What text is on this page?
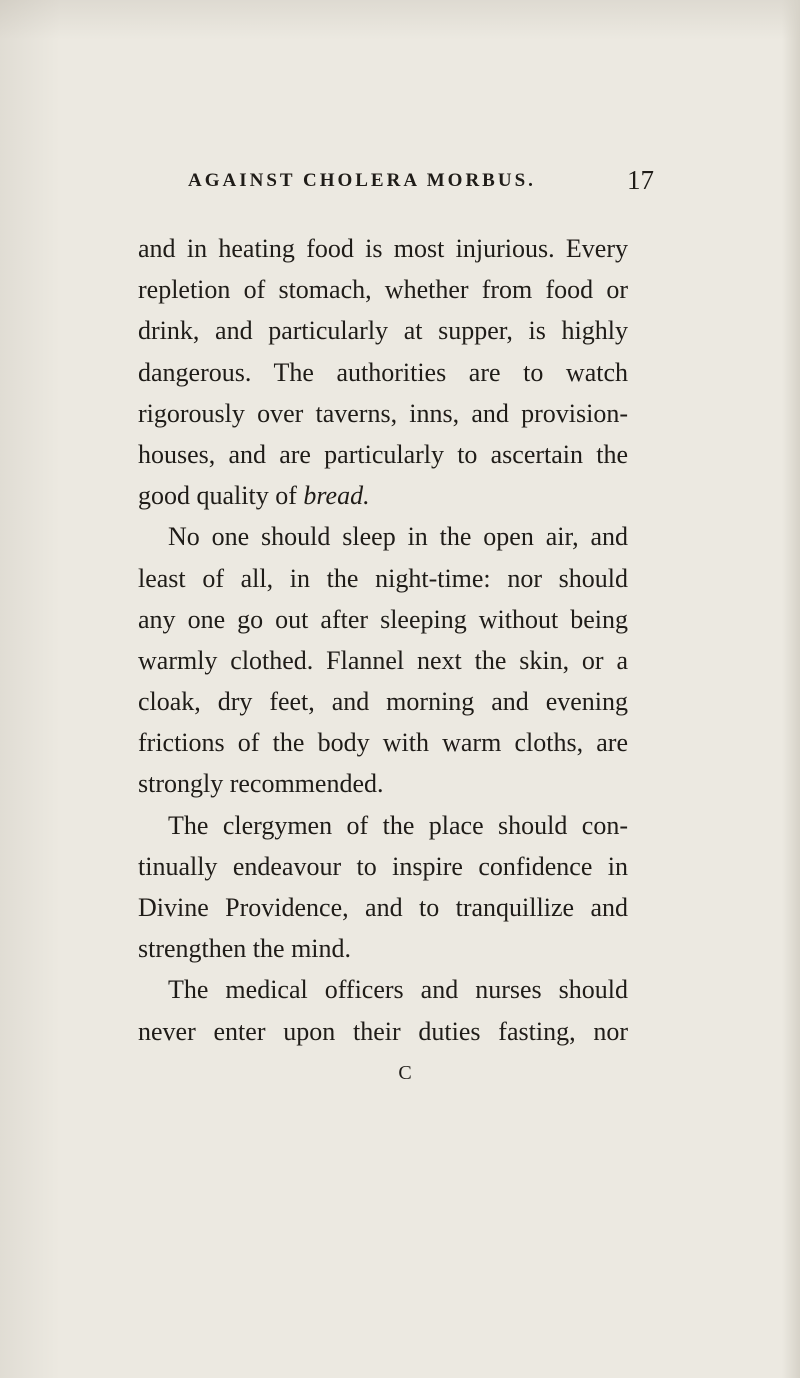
AGAINST CHOLERA MORBUS.	17
and in heating food is most injurious. Every
repletion of stomach, whether from food or
drink, and particularly at supper, is highly
dangerous. The authorities are to watch
rigorously over taverns, inns, and provision-
houses, and are particularly to ascertain the
good quality of bread.
No one should sleep in the open air, and
least of all, in the night-time: nor should
any one go out after sleeping without being
warmly clothed. Flannel next the skin, or a
cloak, dry feet, and morning and evening
frictions of the body with warm cloths, are
strongly recommended.
The clergymen of the place should con-
tinually endeavour to inspire confidence in
Divine Providence, and to tranquillize and
strengthen the mind.
The medical officers and nurses should
never enter upon their duties fasting, nor
C
